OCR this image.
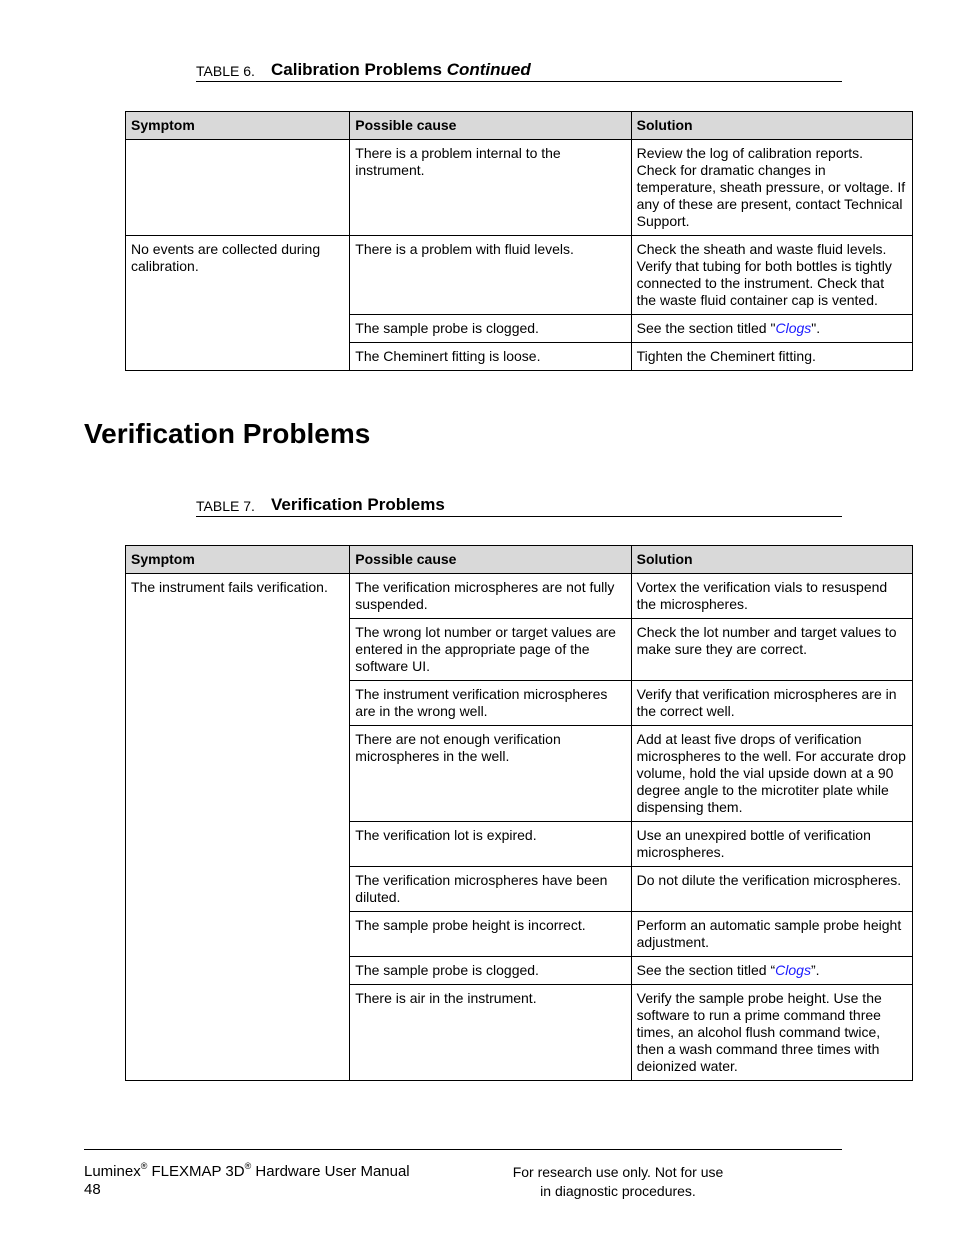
TABLE 6. Calibration Problems Continued
Symptom	Possible cause	Solution
	There is a problem internal to the instrument.	Review the log of calibration reports. Check for dramatic changes in temperature, sheath pressure, or voltage. If any of these are present, contact Technical Support.
No events are collected during calibration.	There is a problem with fluid levels.	Check the sheath and waste fluid levels. Verify that tubing for both bottles is tightly connected to the instrument. Check that the waste fluid container cap is vented.
	The sample probe is clogged.	See the section titled "Clogs".
	The Cheminert fitting is loose.	Tighten the Cheminert fitting.
Verification Problems
TABLE 7. Verification Problems
Symptom	Possible cause	Solution
The instrument fails verification.	The verification microspheres are not fully suspended.	Vortex the verification vials to resuspend the microspheres.
	The wrong lot number or target values are entered in the appropriate page of the software UI.	Check the lot number and target values to make sure they are correct.
	The instrument verification microspheres are in the wrong well.	Verify that verification microspheres are in the correct well.
	There are not enough verification microspheres in the well.	Add at least five drops of verification microspheres to the well. For accurate drop volume, hold the vial upside down at a 90 degree angle to the microtiter plate while dispensing them.
	The verification lot is expired.	Use an unexpired bottle of verification microspheres.
	The verification microspheres have been diluted.	Do not dilute the verification microspheres.
	The sample probe height is incorrect.	Perform an automatic sample probe height adjustment.
	The sample probe is clogged.	See the section titled “Clogs”.
	There is air in the instrument.	Verify the sample probe height. Use the software to run a prime command three times, an alcohol flush command twice, then a wash command three times with deionized water.
Luminex® FLEXMAP 3D® Hardware User Manual
48
For research use only. Not for use
in diagnostic procedures.
